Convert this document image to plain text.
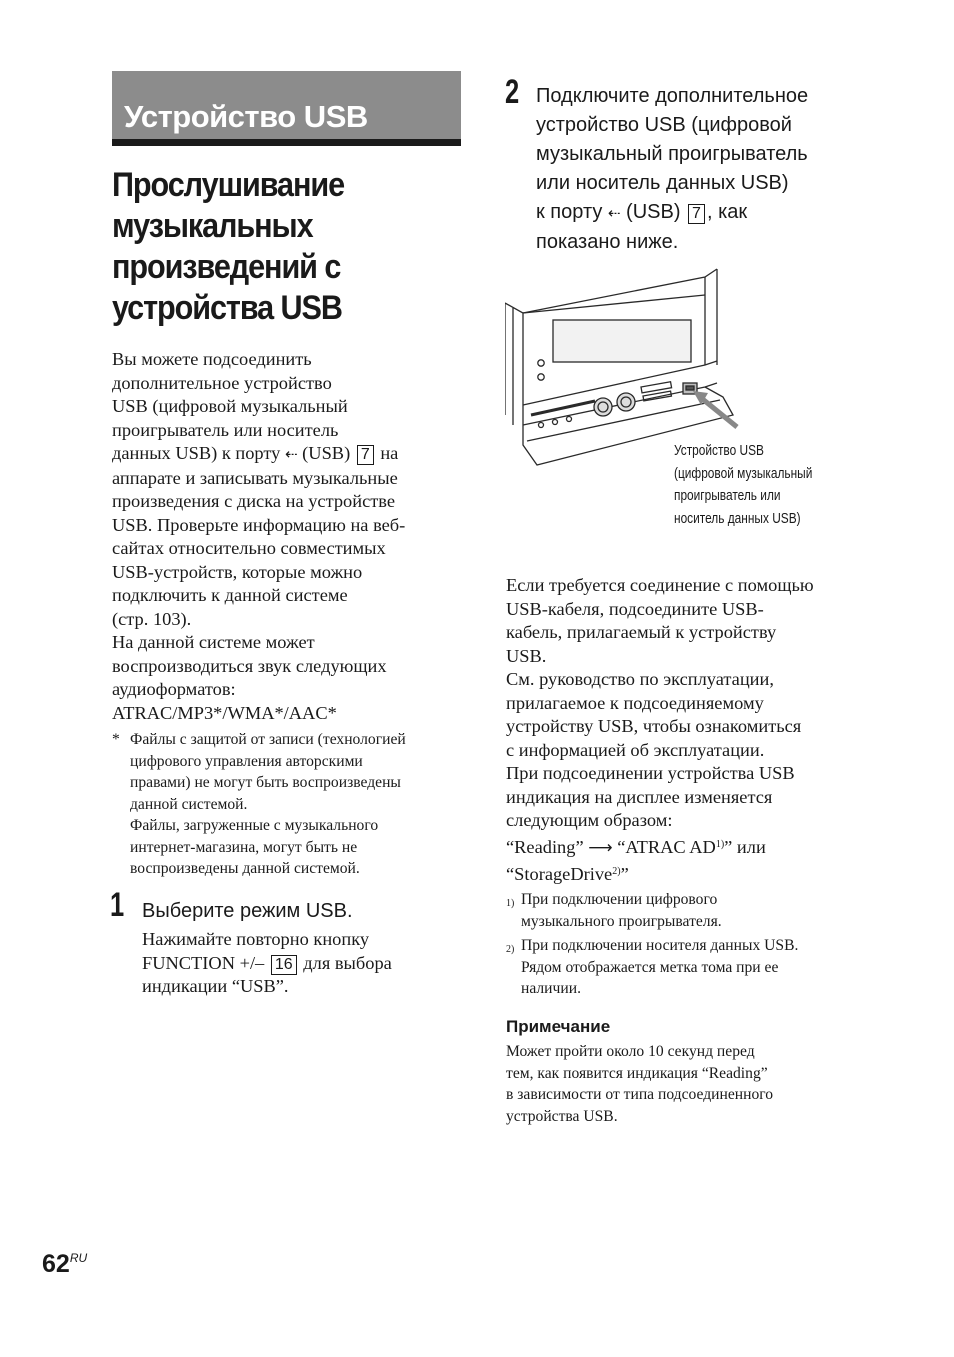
Устройство USB
Прослушивание
музыкальных
произведений с
устройства USB
Вы можете подсоединить
дополнительное устройство
USB (цифровой музыкальный
проигрыватель или носитель
данных USB) к порту ⇠ (USB) 7 на
аппарате и записывать музыкальные
произведения с диска на устройстве
USB. Проверьте информацию на веб-
сайтах относительно совместимых
USB-устройств, которые можно
подключить к данной системе
(стр. 103).
На данной системе может
воспроизводиться звук следующих
аудиоформатов:
ATRAC/MP3*/WMA*/AAC*
* Файлы с защитой от записи (технологией
цифрового управления авторскими
правами) не могут быть воспроизведены
данной системой.
Файлы, загруженные с музыкального
интернет-магазина, могут быть не
воспроизведены данной системой.
1 Выберите режим USB.
Нажимайте повторно кнопку
FUNCTION +/– 16 для выбора
индикации “USB”.
2 Подключите дополнительное
устройство USB (цифровой
музыкальный проигрыватель
или носитель данных USB)
к порту ⇠ (USB) 7 , как
показано ниже.
Устройство USB
(цифровой музыкальный
проигрыватель или
носитель данных USB)
Если требуется соединение с помощью
USB-кабеля, подсоедините USB-
кабель, прилагаемый к устройству
USB.
См. руководство по эксплуатации,
прилагаемое к подсоединяемому
устройству USB, чтобы ознакомиться
с информацией об эксплуатации.
При подсоединении устройства USB
индикация на дисплее изменяется
следующим образом:
“Reading” ⟶ “ATRAC AD$^{1)}$” или
“StorageDrive$^{2)}$”
1) При подключении цифрового
музыкального проигрывателя.
2) При подключении носителя данных USB.
Рядом отображается метка тома при ее
наличии.
Примечание
Может пройти около 10 секунд перед
тем, как появится индикация “Reading”
в зависимости от типа подсоединенного
устройства USB.
$62^{RU}$
